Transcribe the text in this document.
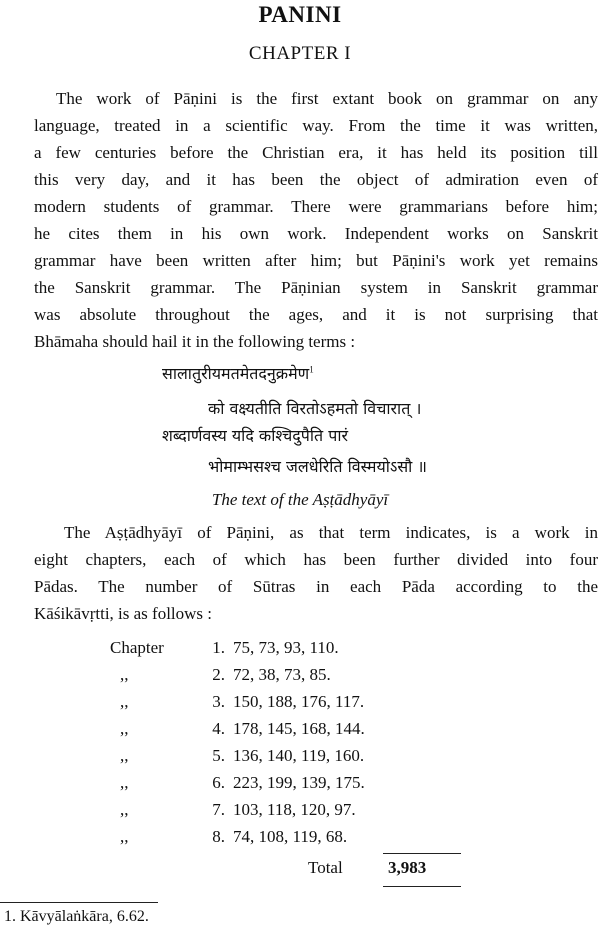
PANINI
CHAPTER I
The work of Pāṇini is the first extant book on grammar on any
language, treated in a scientific way. From the time it was written,
a few centuries before the Christian era, it has held its position till
this very day, and it has been the object of admiration even of
modern students of grammar. There were grammarians before him;
he cites them in his own work. Independent works on Sanskrit
grammar have been written after him; but Pāṇini's work yet remains
the Sanskrit grammar. The Pāṇinian system in Sanskrit grammar
was absolute throughout the ages, and it is not surprising that
Bhāmaha should hail it in the following terms :
सालातुरीयमतमेतदनुक्रमेण$^1$
को वक्ष्यतीति विरतोऽहमतो विचारात् ।
शब्दार्णवस्य यदि कश्चिदुपैति पारं
भोमाम्भसश्च जलधेरिति विस्मयोऽसौ ॥
The text of the Aṣṭādhyāyī
The Aṣṭādhyāyī of Pāṇini, as that term indicates, is a work in
eight chapters, each of which has been further divided into four
Pādas. The number of Sūtras in each Pāda according to the
Kāśikāvṛtti, is as follows :
Chapter	1. 75, 73, 93, 110.
,,	2. 72, 38, 73, 85.
,,	3. 150, 188, 176, 117.
,,	4. 178, 145, 168, 144.
,,	5. 136, 140, 119, 160.
,,	6. 223, 199, 139, 175.
,,	7. 103, 118, 120, 97.
,,	8. 74, 108, 119, 68.
Total	3,983
1. Kāvyālaṅkāra, 6.62.
